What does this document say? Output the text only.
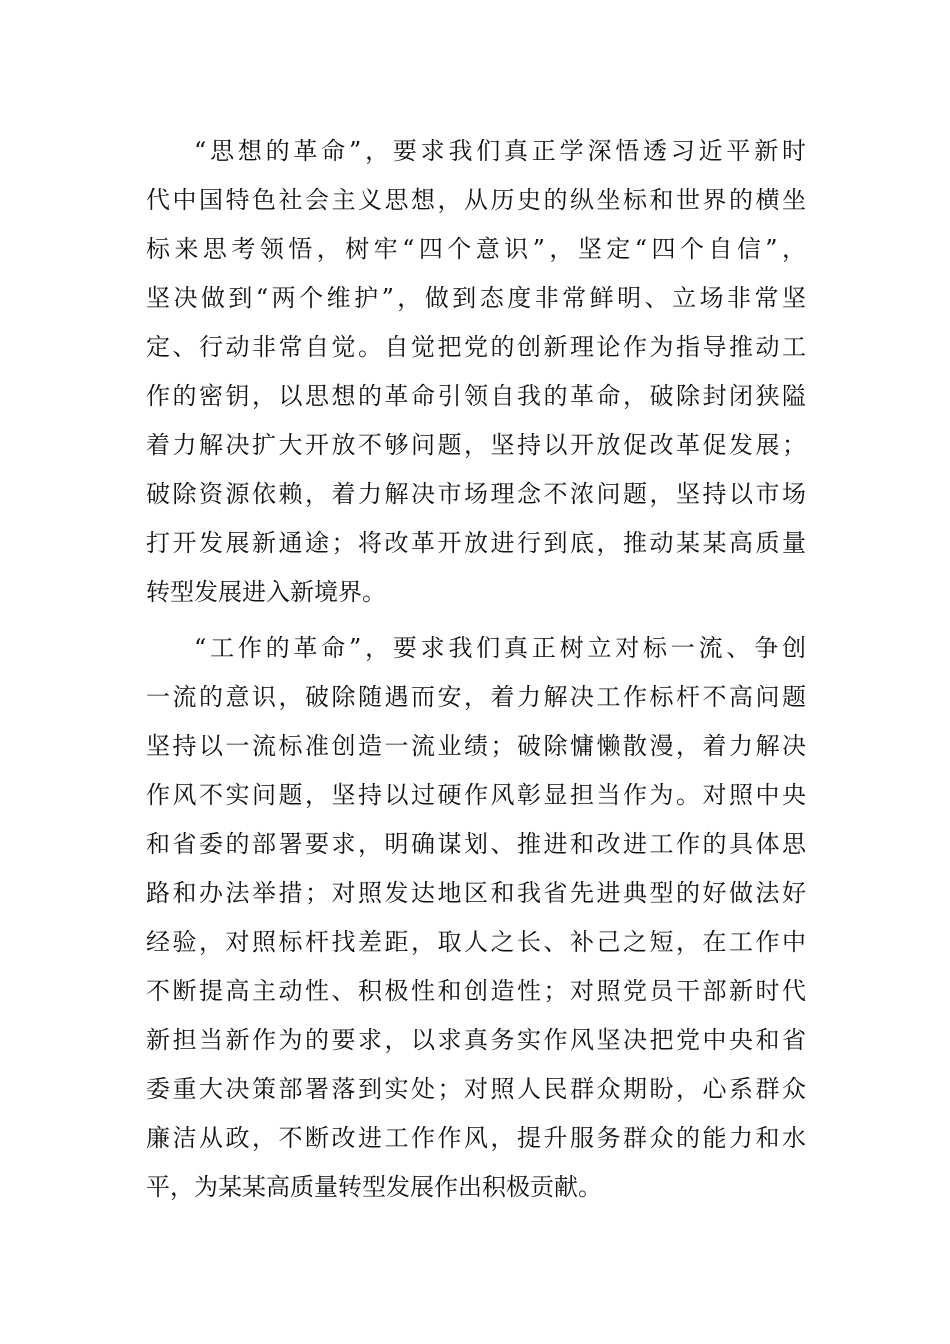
“思想的革命”，要求我们真正学深悟透习近平新时
代中国特色社会主义思想，从历史的纵坐标和世界的横坐
标来思考领悟，树牢“四个意识”，坚定“四个自信”，
坚决做到“两个维护”，做到态度非常鲜明、立场非常坚
定、行动非常自觉。自觉把党的创新理论作为指导推动工
作的密钥，以思想的革命引领自我的革命，破除封闭狭隘
着力解决扩大开放不够问题，坚持以开放促改革促发展；
破除资源依赖，着力解决市场理念不浓问题，坚持以市场
打开发展新通途；将改革开放进行到底，推动某某高质量
转型发展进入新境界。
“工作的革命”，要求我们真正树立对标一流、争创
一流的意识，破除随遇而安，着力解决工作标杆不高问题
坚持以一流标准创造一流业绩；破除慵懒散漫，着力解决
作风不实问题，坚持以过硬作风彰显担当作为。对照中央
和省委的部署要求，明确谋划、推进和改进工作的具体思
路和办法举措；对照发达地区和我省先进典型的好做法好
经验，对照标杆找差距，取人之长、补己之短，在工作中
不断提高主动性、积极性和创造性；对照党员干部新时代
新担当新作为的要求，以求真务实作风坚决把党中央和省
委重大决策部署落到实处；对照人民群众期盼，心系群众
廉洁从政，不断改进工作作风，提升服务群众的能力和水
平，为某某高质量转型发展作出积极贡献。
